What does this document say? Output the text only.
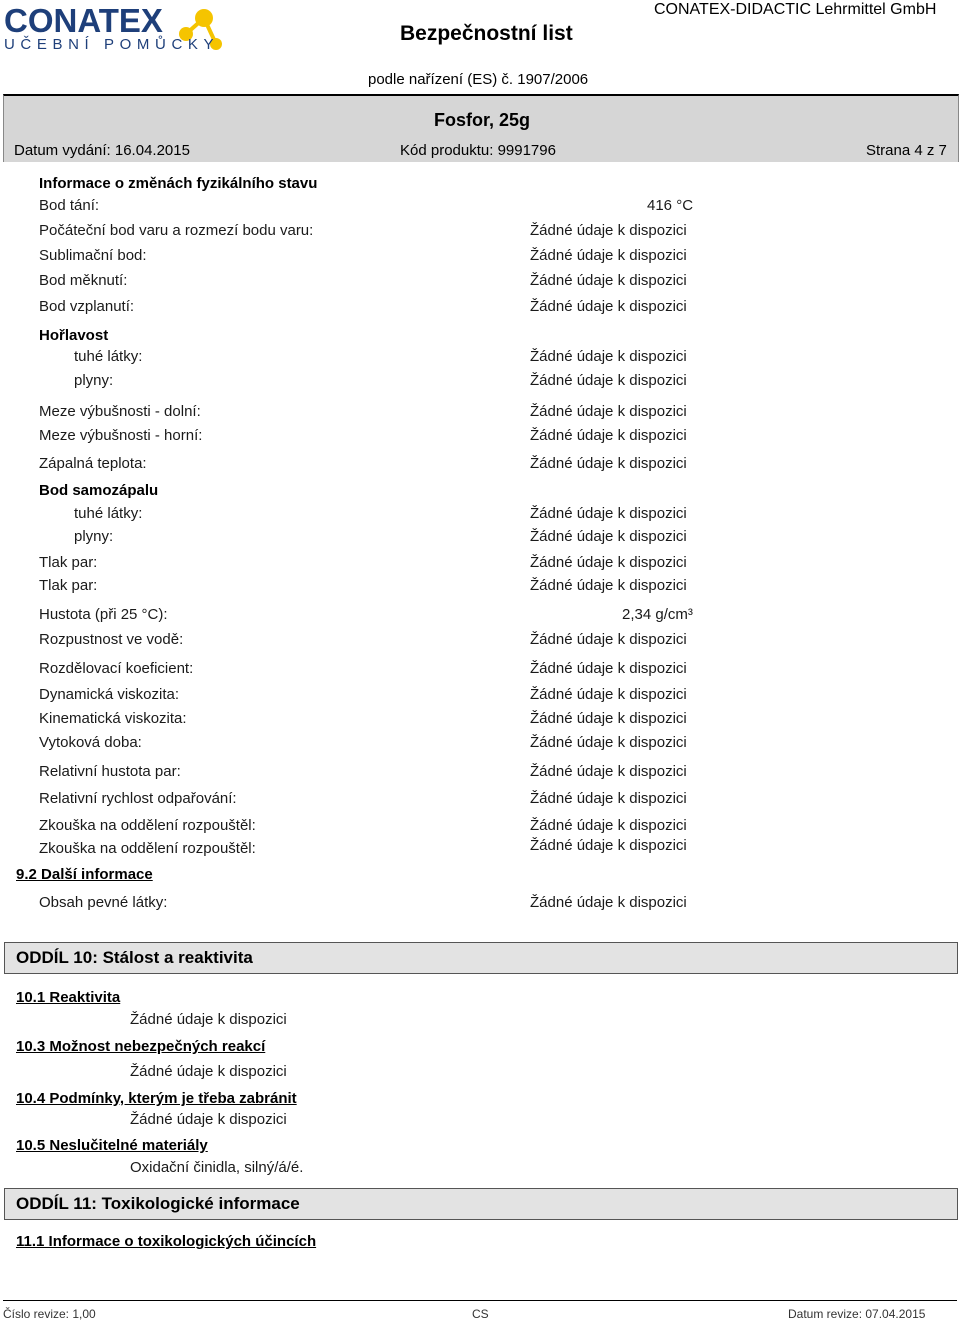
CONATEX
UČEBNÍ POMŮCKY	Bezpečnostní list
CONATEX-DIDACTIC Lehrmittel GmbH
podle nařízení (ES) č. 1907/2006
Fosfor, 25g
Datum vydání: 16.04.2015	Kód produktu: 9991796	Strana 4 z 7
Informace o změnách fyzikálního stavu
Bod tání:	416 °C
Počáteční bod varu a rozmezí bodu varu:	Žádné údaje k dispozici
Sublimační bod:	Žádné údaje k dispozici
Bod měknutí:	Žádné údaje k dispozici
Bod vzplanutí:	Žádné údaje k dispozici
Hořlavost
tuhé látky:	Žádné údaje k dispozici
plyny:	Žádné údaje k dispozici
Meze výbušnosti - dolní:	Žádné údaje k dispozici
Meze výbušnosti - horní:	Žádné údaje k dispozici
Zápalná teplota:	Žádné údaje k dispozici
Bod samozápalu
tuhé látky:	Žádné údaje k dispozici
plyny:	Žádné údaje k dispozici
Tlak par:	Žádné údaje k dispozici
Tlak par:	Žádné údaje k dispozici
Hustota (při 25 °C):	2,34 g/cm³
Rozpustnost ve vodě:	Žádné údaje k dispozici
Rozdělovací koeficient:	Žádné údaje k dispozici
Dynamická viskozita:	Žádné údaje k dispozici
Kinematická viskozita:	Žádné údaje k dispozici
Vytoková doba:	Žádné údaje k dispozici
Relativní hustota par:	Žádné údaje k dispozici
Relativní rychlost odpařování:	Žádné údaje k dispozici
Zkouška na oddělení rozpouštěl:	Žádné údaje k dispozici
Zkouška na oddělení rozpouštěl:	Žádné údaje k dispozici
9.2 Další informace
Obsah pevné látky:	Žádné údaje k dispozici
ODDÍL 10: Stálost a reaktivita
10.1 Reaktivita
Žádné údaje k dispozici
10.3 Možnost nebezpečných reakcí
Žádné údaje k dispozici
10.4 Podmínky, kterým je třeba zabránit
Žádné údaje k dispozici
10.5 Neslučitelné materiály
Oxidační činidla, silný/á/é.
ODDÍL 11: Toxikologické informace
11.1 Informace o toxikologických účincích
Číslo revize: 1,00	CS	Datum revize: 07.04.2015
